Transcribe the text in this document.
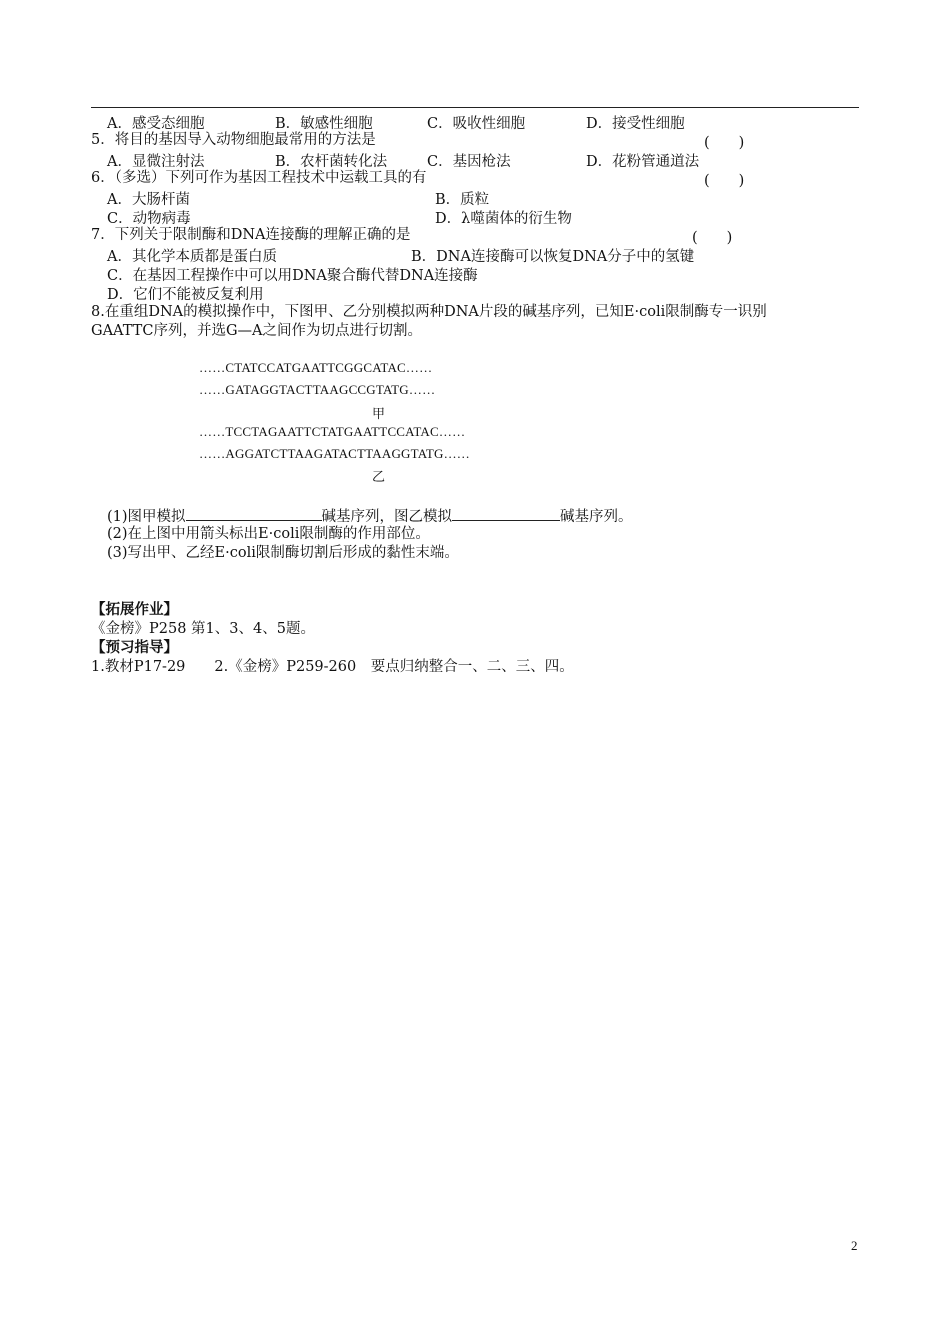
A．感受态细胞	B．敏感性细胞	C．吸收性细胞	D．接受性细胞
5．将目的基因导入动物细胞最常用的方法是	(　　)
A．显微注射法	B．农杆菌转化法	C．基因枪法	D．花粉管通道法
6．（多选）下列可作为基因工程技术中运载工具的有	(　　)
A．大肠杆菌	B．质粒
C．动物病毒	D．λ噬菌体的衍生物
7．下列关于限制酶和DNA连接酶的理解正确的是	(　　)
A．其化学本质都是蛋白质	B．DNA连接酶可以恢复DNA分子中的氢键
C．在基因工程操作中可以用DNA聚合酶代替DNA连接酶
D．它们不能被反复利用
8.在重组DNA的模拟操作中，下图甲、乙分别模拟两种DNA片段的碱基序列，已知E·coli限制酶专一识别
GAATTC序列，并选G—A之间作为切点进行切割。
……CTATCCATGAATTCGGCATAC……
……GATAGGTACTTAAGCCGTATG……
甲
……TCCTAGAATTCTATGAATTCCATAC……
……AGGATCTTAAGATACTTAAGGTATG……
乙
(1)图甲模拟	碱基序列，图乙模拟	碱基序列。
(2)在上图中用箭头标出E·coli限制酶的作用部位。
(3)写出甲、乙经E·coli限制酶切割后形成的黏性末端。
【拓展作业】
《金榜》P258 第1、3、4、5题。
【预习指导】
1.教材P17-29　　2.《金榜》P259-260　要点归纳整合一、二、三、四。
2
